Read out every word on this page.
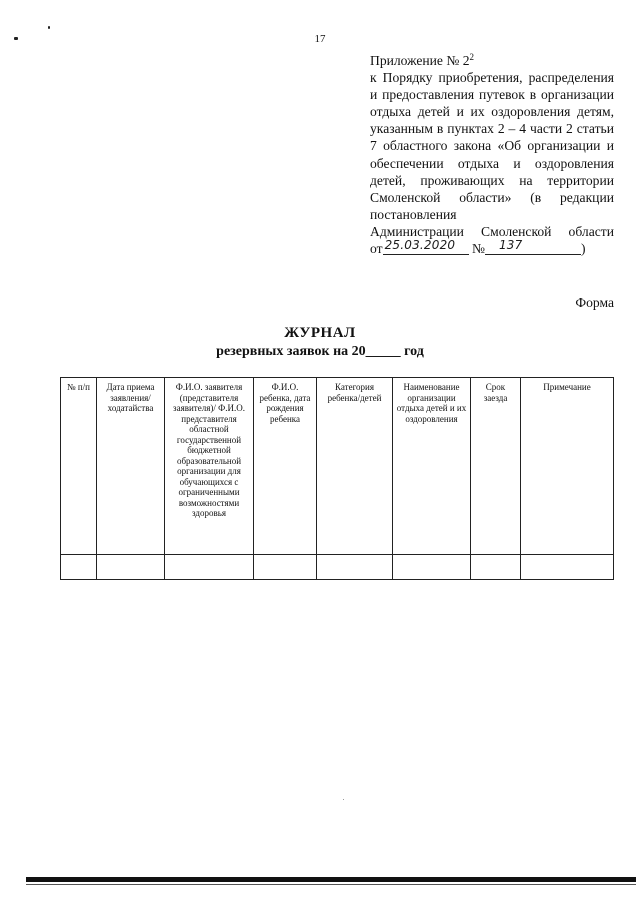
17
Приложение № $2^2$
к Порядку приобретения, распределения и предоставления путевок в организации отдыха детей и их оздоровления детям, указанным в пунктах 2 – 4 части 2 статьи 7 областного закона «Об организации и обеспечении отдыха и оздоровления детей, проживающих на территории Смоленской области» (в редакции постановления
Администрации Смоленской области
от 25.03.2020 № 137	)
Форма
ЖУРНАЛ
резервных заявок на 20_____ год
№ п/п	Дата приема заявления/ ходатайства	Ф.И.О. заявителя (представителя заявителя)/ Ф.И.О. представителя областной государственной бюджетной образовательной организации для обучающихся с ограниченными возможностями здоровья	Ф.И.О. ребенка, дата рождения ребенка	Категория ребенка/детей	Наименование организации отдыха детей и их оздоровления	Срок заезда	Примечание
